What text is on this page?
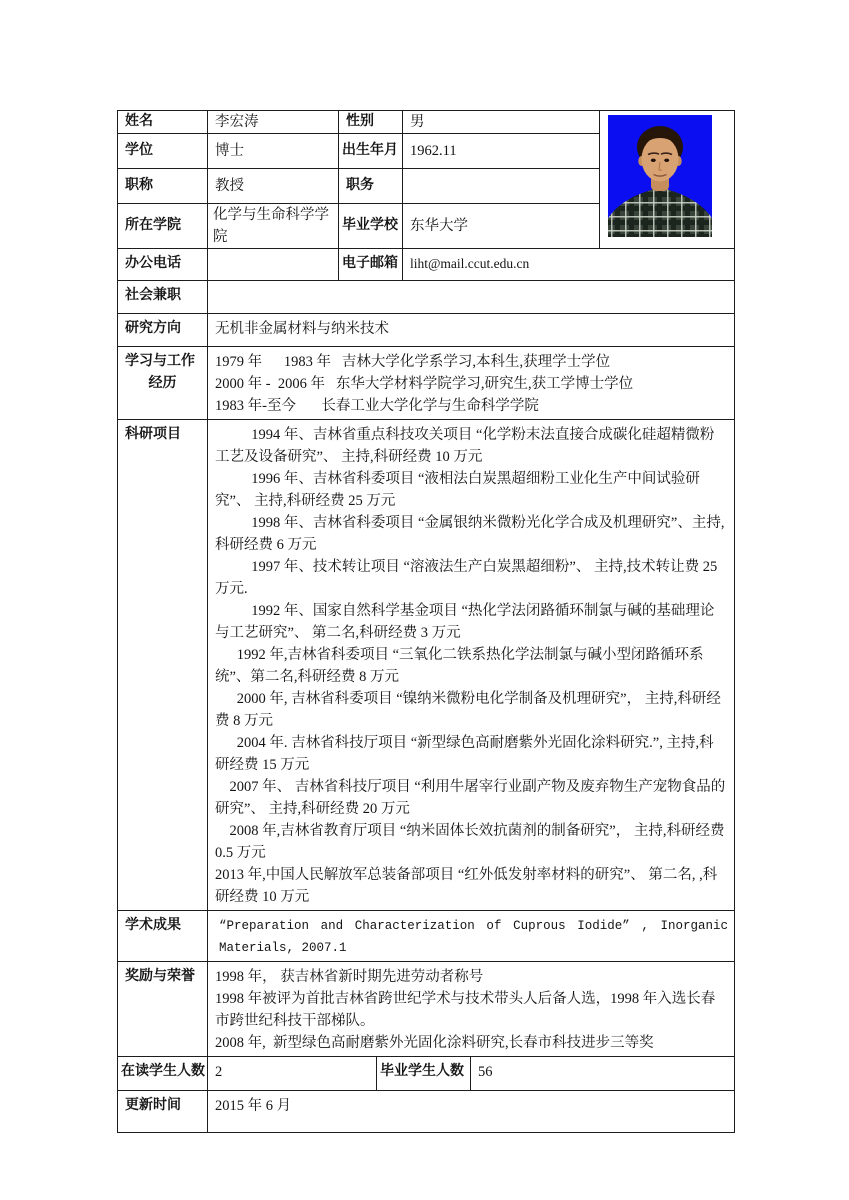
姓名	李宏涛	性别		男	
学位	博士	出生年月		1962.11		
职称	教授	职务				
所在学院	化学与生命科学学院	毕业学校		东华大学		
办公电话		电子邮箱		liht@mail.ccut.edu.cn		
社会兼职						
研究方向	无机非金属材料与纳米技术					

学习与工作
经历

1979 年      1983 年   吉林大学化学系学习,本科生,获理学士学位
2000 年 -  2006 年   东华大学材料学院学习,研究生,获工学博士学位
1983 年-至今       长春工业大学化学与生命科学学院

科研项目	1994 年、吉林省重点科技攻关项目 “化学粉末法直接合成碳化硅超精微粉工艺及设备研究”、 主持,科研经费 10 万元

1996 年、吉林省科委项目 “液相法白炭黑超细粉工业化生产中间试验研究”、 主持,科研经费 25 万元

1998 年、吉林省科委项目 “金属银纳米微粉光化学合成及机理研究”、主持,科研经费 6 万元

1997 年、技术转让项目 “溶液法生产白炭黑超细粉”、 主持,技术转让费 25 万元.

1992 年、国家自然科学基金项目 “热化学法闭路循环制氯与碱的基础理论与工艺研究”、 第二名,科研经费 3 万元

1992 年,吉林省科委项目 “三氧化二铁系热化学法制氯与碱小型闭路循环系统”、第二名,科研经费 8 万元

2000 年, 吉林省科委项目 “镍纳米微粉电化学制备及机理研究”， 主持,科研经费 8 万元

2004 年. 吉林省科技厅项目 “新型绿色高耐磨紫外光固化涂料研究.”, 主持,科研经费 15 万元

2007 年、 吉林省科技厅项目 “利用牛屠宰行业副产物及废弃物生产宠物食品的研究”、 主持,科研经费 20 万元

2008 年,吉林省教育厅项目 “纳米固体长效抗菌剂的制备研究”， 主持,科研经费 0.5 万元

2013 年,中国人民解放军总装备部项目 “红外低发射率材料的研究”、 第二名, ,科研经费 10 万元

学术成果	“Preparation and Characterization of Cuprous Iodide” , Inorganic Materials, 2007.1					
奖励与荣誉	1998 年， 获吉林省新时期先进劳动者称号
1998 年被评为首批吉林省跨世纪学术与技术带头人后备人选，1998 年入选长春市跨世纪科技干部梯队。
2008 年,  新型绿色高耐磨紫外光固化涂料研究,长春市科技进步三等奖					

在读学生人数	2		毕业学生人数		56	
更新时间	2015 年 6 月					
